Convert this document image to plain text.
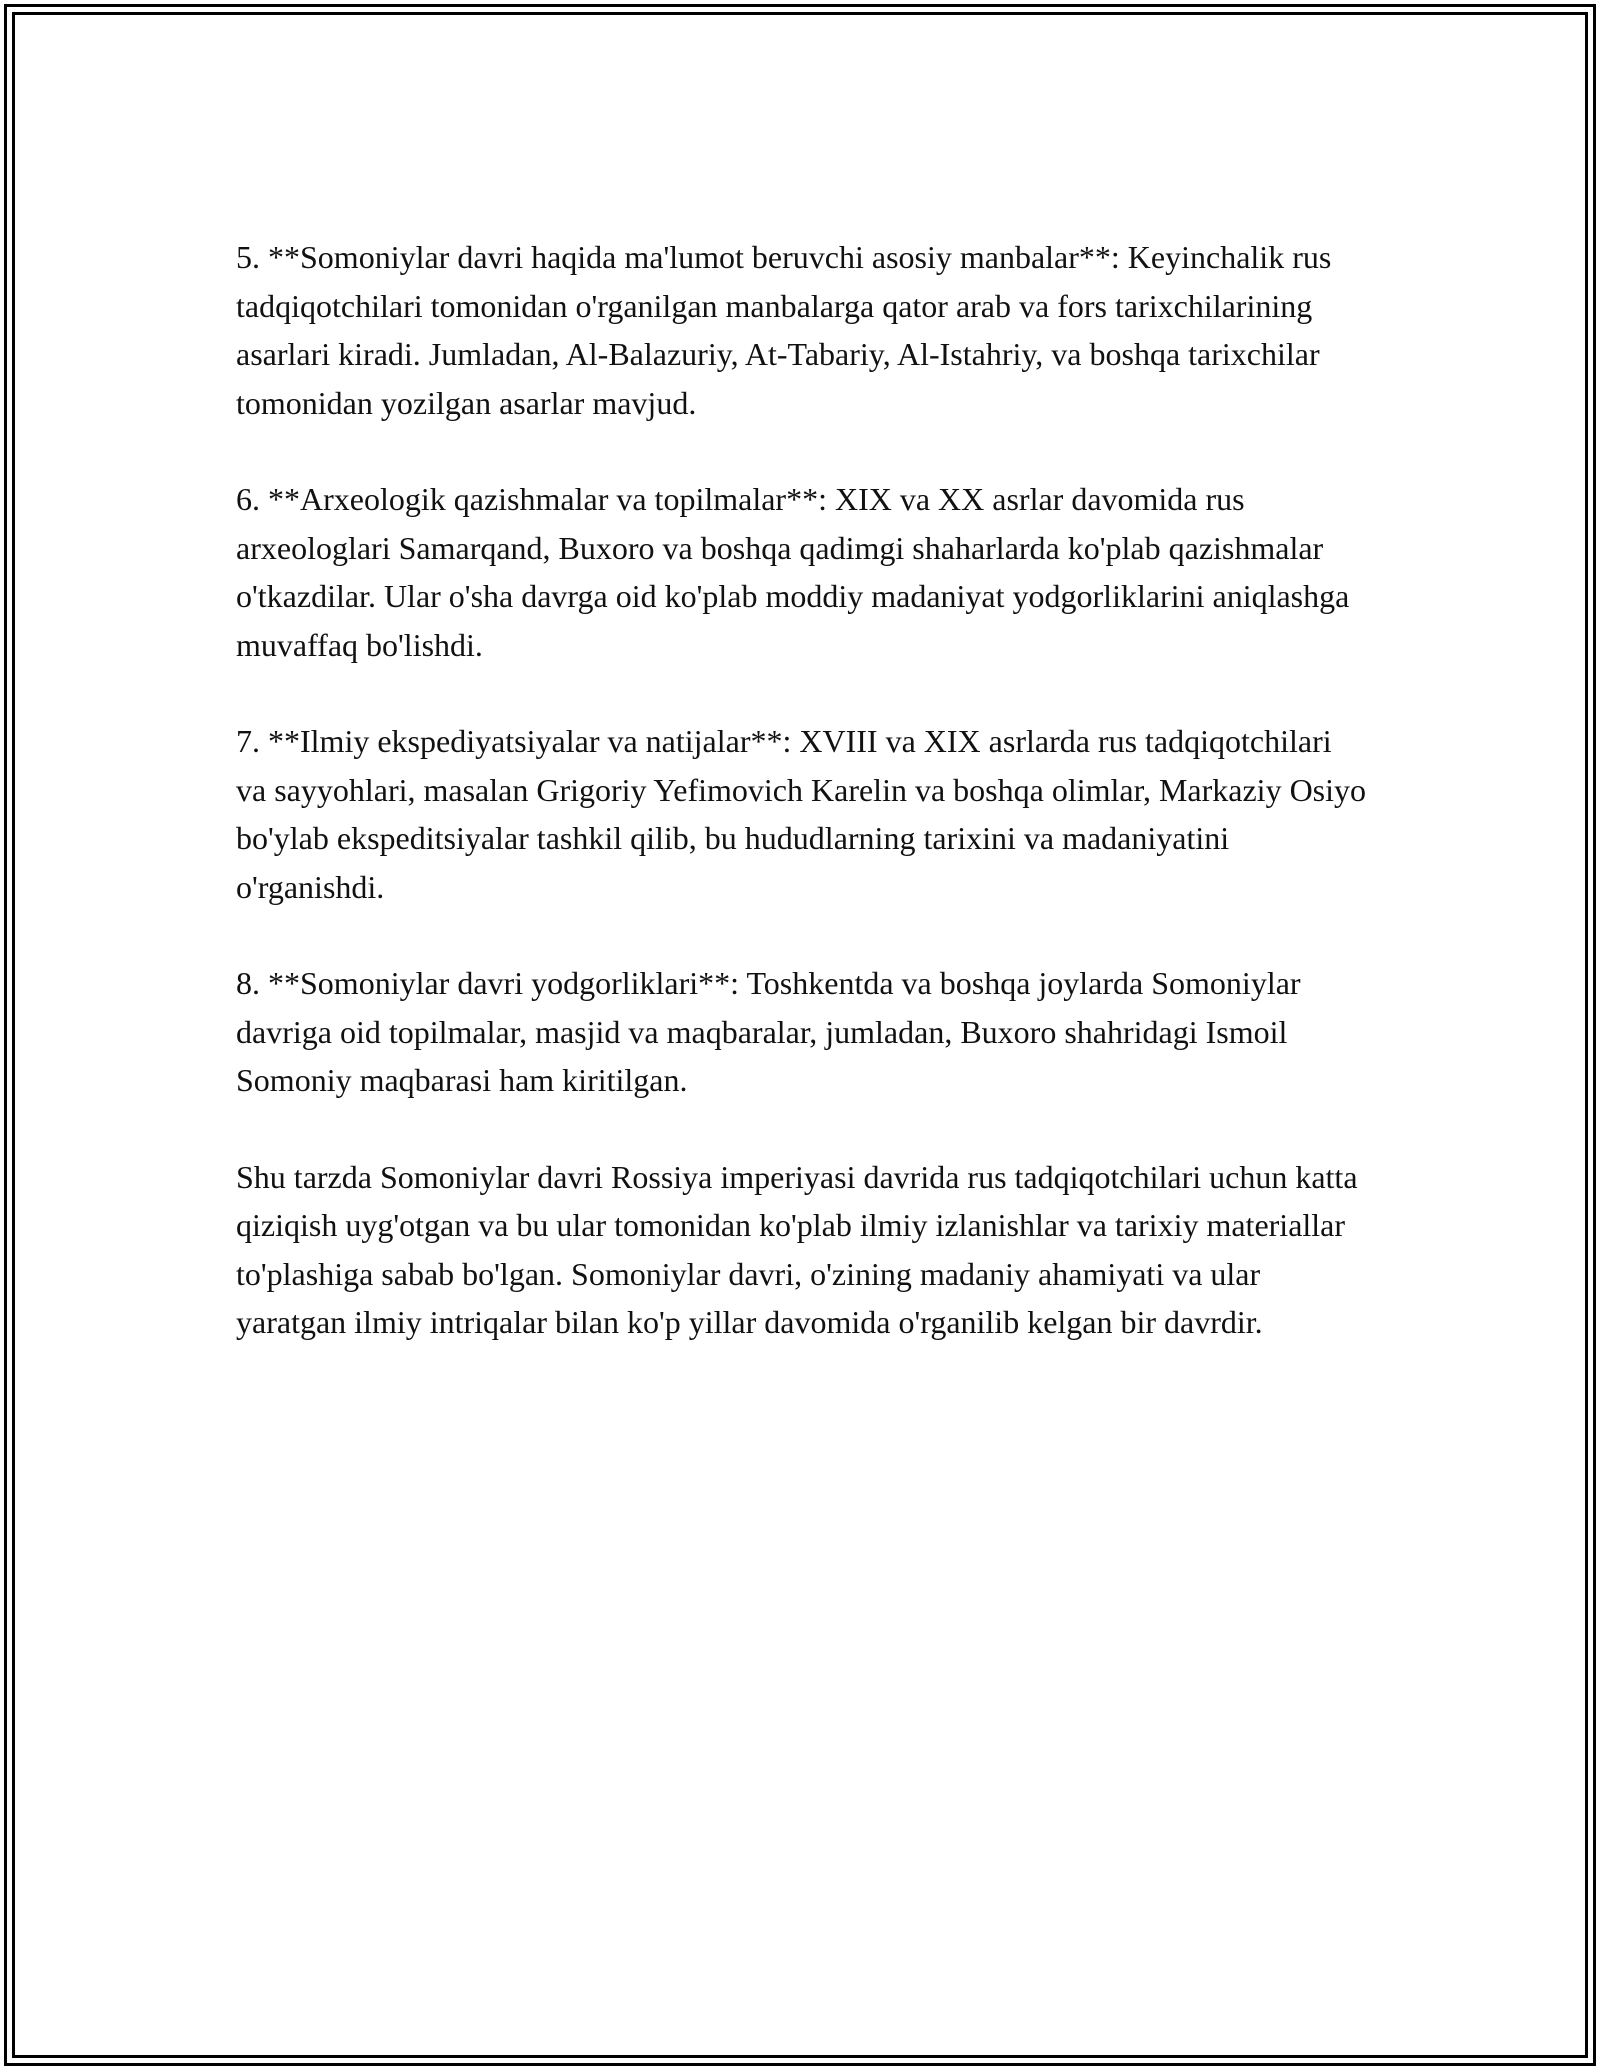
5. **Somoniylar davri haqida ma'lumot beruvchi asosiy manbalar**: Keyinchalik rus tadqiqotchilari tomonidan o'rganilgan manbalarga qator arab va fors tarixchilarining asarlari kiradi. Jumladan, Al-Balazuriy, At-Tabariy, Al-Istahriy, va boshqa tarixchilar tomonidan yozilgan asarlar mavjud.

6. **Arxeologik qazishmalar va topilmalar**: XIX va XX asrlar davomida rus arxeologlari Samarqand, Buxoro va boshqa qadimgi shaharlarda ko'plab qazishmalar o'tkazdilar. Ular o'sha davrga oid ko'plab moddiy madaniyat yodgorliklarini aniqlashga muvaffaq bo'lishdi.

7. **Ilmiy ekspediyatsiyalar va natijalar**: XVIII va XIX asrlarda rus tadqiqotchilari va sayyohlari, masalan Grigoriy Yefimovich Karelin va boshqa olimlar, Markaziy Osiyo bo'ylab ekspeditsiyalar tashkil qilib, bu hududlarning tarixini va madaniyatini o'rganishdi.

8. **Somoniylar davri yodgorliklari**: Toshkentda va boshqa joylarda Somoniylar davriga oid topilmalar, masjid va maqbaralar, jumladan, Buxoro shahridagi Ismoil Somoniy maqbarasi ham kiritilgan.

Shu tarzda Somoniylar davri Rossiya imperiyasi davrida rus tadqiqotchilari uchun katta qiziqish uyg'otgan va bu ular tomonidan ko'plab ilmiy izlanishlar va tarixiy materiallar to'plashiga sabab bo'lgan. Somoniylar davri, o'zining madaniy ahamiyati va ular yaratgan ilmiy intriqalar bilan ko'p yillar davomida o'rganilib kelgan bir davrdir.
